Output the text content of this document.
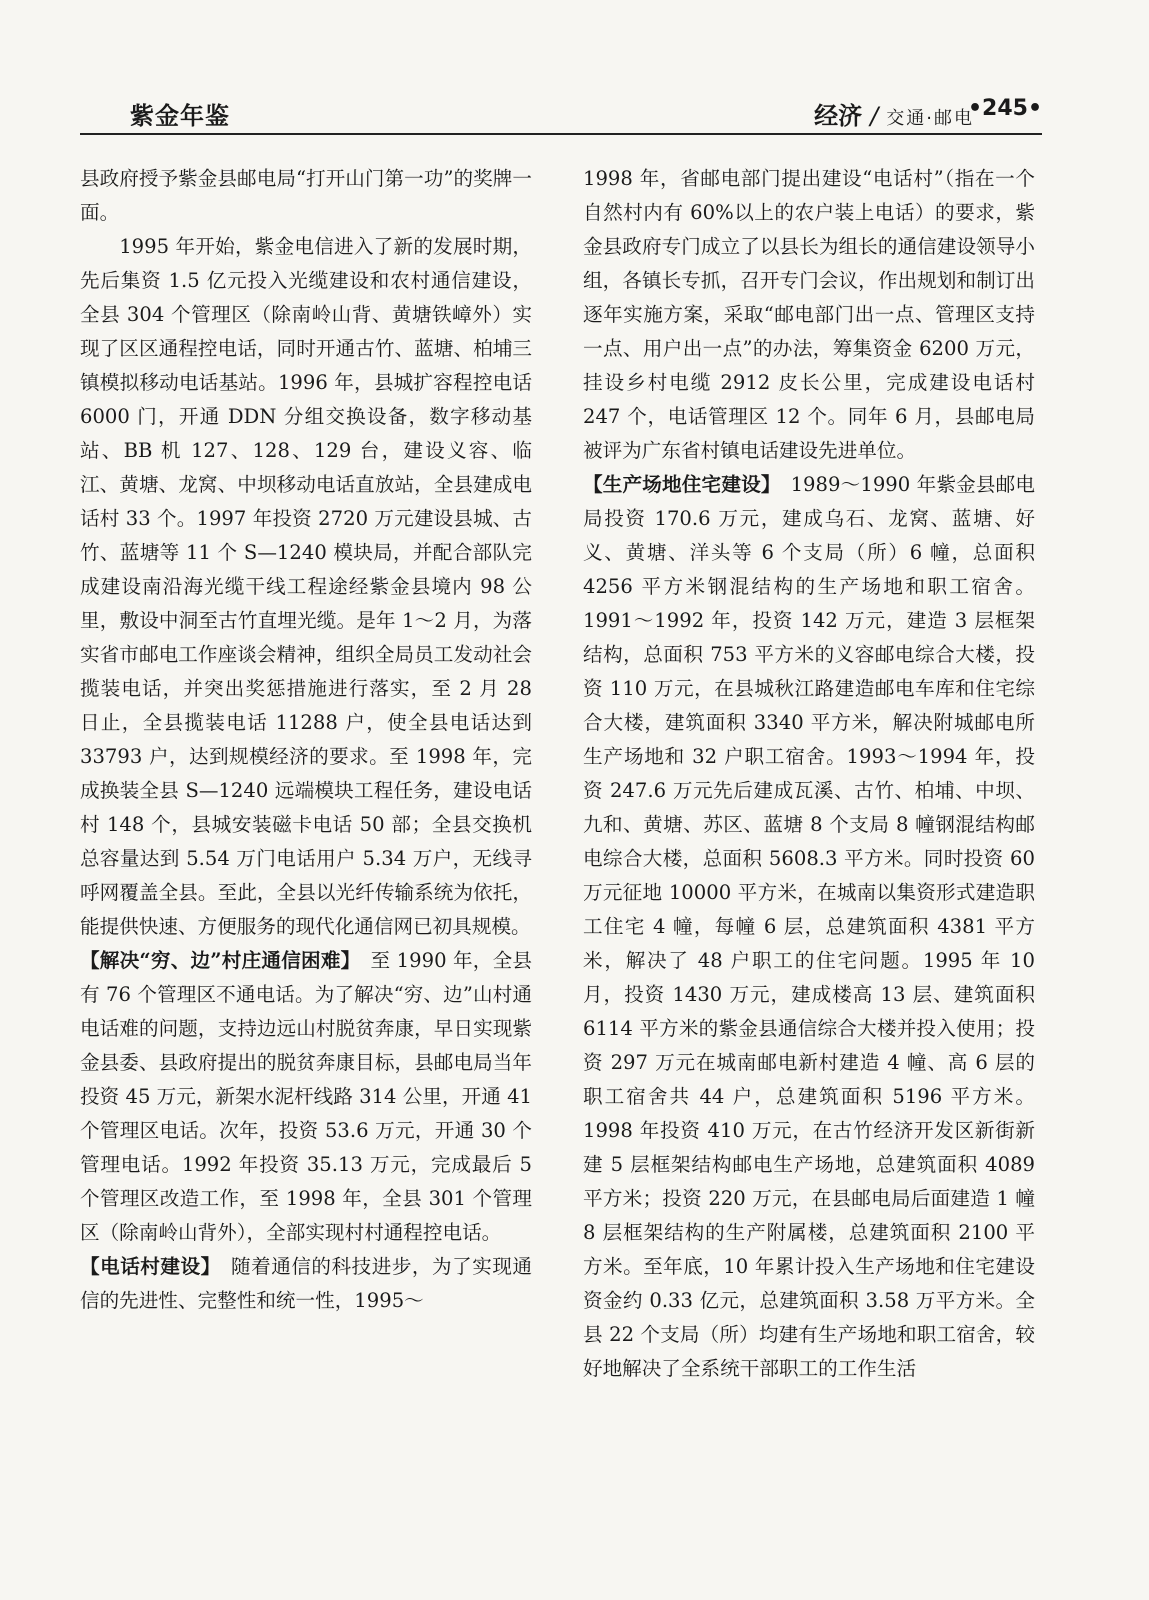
紫金年鉴	经济 / 交通·邮电
•245•

县政府授予紫金县邮电局“打开山门第一功”的奖牌一面。

1995 年开始，紫金电信进入了新的发展时期，先后集资 1.5 亿元投入光缆建设和农村通信建设，全县 304 个管理区（除南岭山背、黄塘铁嶂外）实现了区区通程控电话，同时开通古竹、蓝塘、柏埔三镇模拟移动电话基站。1996 年，县城扩容程控电话 6000 门，开通 DDN 分组交换设备，数字移动基站、BB 机 127、128、129 台，建设义容、临江、黄塘、龙窝、中坝移动电话直放站，全县建成电话村 33 个。1997 年投资 2720 万元建设县城、古竹、蓝塘等 11 个 S—1240 模块局，并配合部队完成建设南沿海光缆干线工程途经紫金县境内 98 公里，敷设中洞至古竹直埋光缆。是年 1～2 月，为落实省市邮电工作座谈会精神，组织全局员工发动社会揽装电话，并突出奖惩措施进行落实，至 2 月 28 日止，全县揽装电话 11288 户，使全县电话达到 33793 户，达到规模经济的要求。至 1998 年，完成换装全县 S—1240 远端模块工程任务，建设电话村 148 个，县城安装磁卡电话 50 部；全县交换机总容量达到 5.54 万门电话用户 5.34 万户，无线寻呼网覆盖全县。至此，全县以光纤传输系统为依托，能提供快速、方便服务的现代化通信网已初具规模。

【解决“穷、边”村庄通信困难】　 至 1990 年，全县有 76 个管理区不通电话。为了解决“穷、边”山村通电话难的问题，支持边远山村脱贫奔康，早日实现紫金县委、县政府提出的脱贫奔康目标，县邮电局当年投资 45 万元，新架水泥杆线路 314 公里，开通 41 个管理区电话。次年，投资 53.6 万元，开通 30 个管理电话。1992 年投资 35.13 万元，完成最后 5 个管理区改造工作，至 1998 年，全县 301 个管理区（除南岭山背外），全部实现村村通程控电话。

【电话村建设】　 随着通信的科技进步，为了实现通信的先进性、完整性和统一性，1995～

1998 年，省邮电部门提出建设“电话村”（指在一个自然村内有 60%以上的农户装上电话）的要求，紫金县政府专门成立了以县长为组长的通信建设领导小组，各镇长专抓，召开专门会议，作出规划和制订出逐年实施方案，采取“邮电部门出一点、管理区支持一点、用户出一点”的办法，筹集资金 6200 万元，挂设乡村电缆 2912 皮长公里，完成建设电话村 247 个，电话管理区 12 个。同年 6 月，县邮电局被评为广东省村镇电话建设先进单位。

【生产场地住宅建设】　 1989～1990 年紫金县邮电局投资 170.6 万元，建成乌石、龙窝、蓝塘、好义、黄塘、洋头等 6 个支局（所）6 幢，总面积 4256 平方米钢混结构的生产场地和职工宿舍。1991～1992 年，投资 142 万元，建造 3 层框架结构，总面积 753 平方米的义容邮电综合大楼，投资 110 万元，在县城秋江路建造邮电车库和住宅综合大楼，建筑面积 3340 平方米，解决附城邮电所生产场地和 32 户职工宿舍。1993～1994 年，投资 247.6 万元先后建成瓦溪、古竹、柏埔、中坝、九和、黄塘、苏区、蓝塘 8 个支局 8 幢钢混结构邮电综合大楼，总面积 5608.3 平方米。同时投资 60 万元征地 10000 平方米，在城南以集资形式建造职工住宅 4 幢，每幢 6 层，总建筑面积 4381 平方米，解决了 48 户职工的住宅问题。1995 年 10 月，投资 1430 万元，建成楼高 13 层、建筑面积 6114 平方米的紫金县通信综合大楼并投入使用；投资 297 万元在城南邮电新村建造 4 幢、高 6 层的职工宿舍共 44 户，总建筑面积 5196 平方米。1998 年投资 410 万元，在古竹经济开发区新街新建 5 层框架结构邮电生产场地，总建筑面积 4089 平方米；投资 220 万元，在县邮电局后面建造 1 幢 8 层框架结构的生产附属楼，总建筑面积 2100 平方米。至年底，10 年累计投入生产场地和住宅建设资金约 0.33 亿元，总建筑面积 3.58 万平方米。全县 22 个支局（所）均建有生产场地和职工宿舍，较好地解决了全系统干部职工的工作生活
